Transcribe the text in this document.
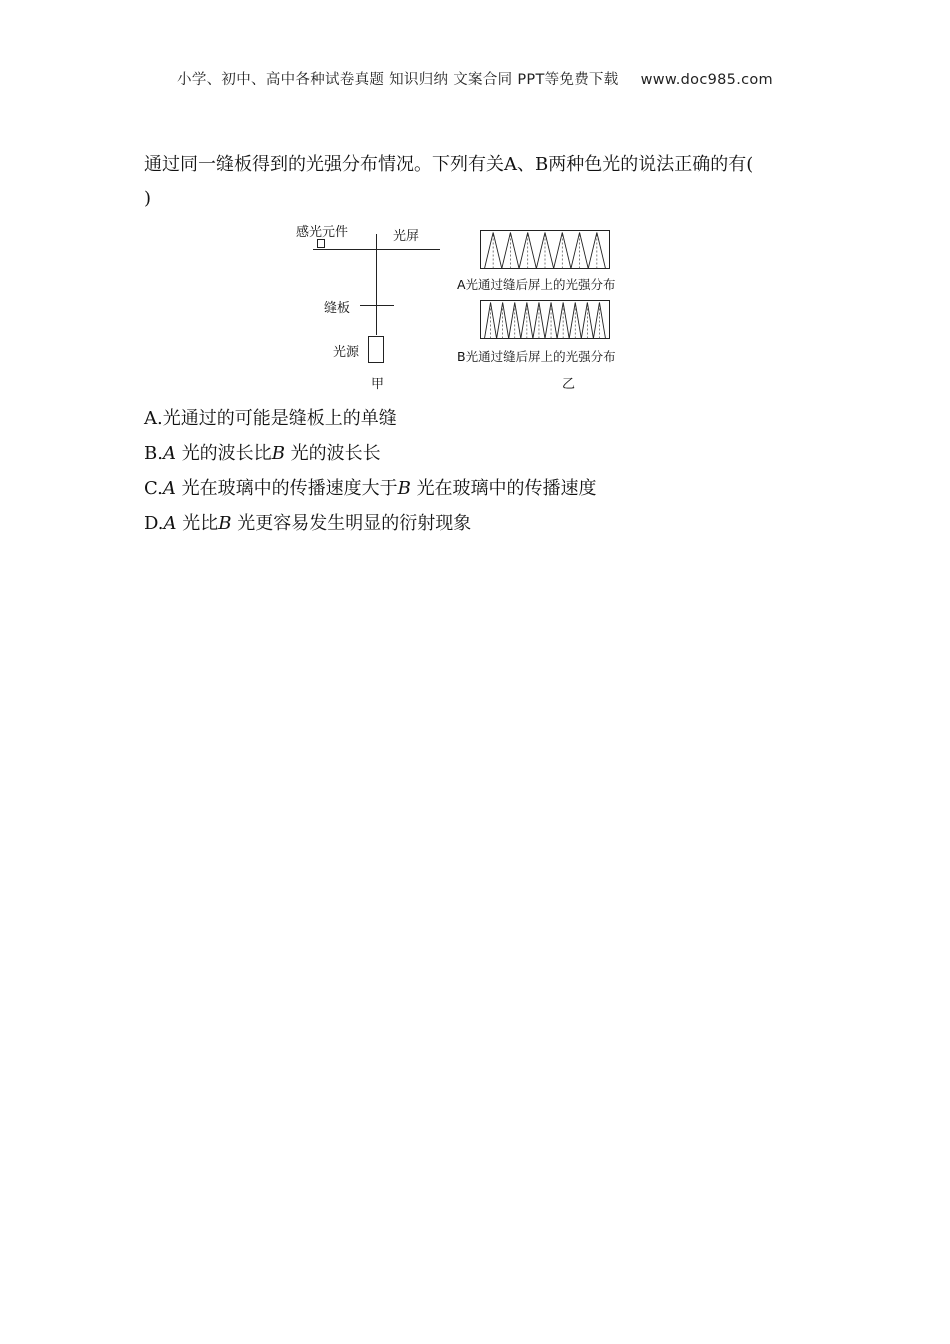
小学、初中、高中各种试卷真题 知识归纳 文案合同 PPT等免费下载 www.doc985.com
通过同一缝板得到的光强分布情况。下列有关A、B两种色光的说法正确的有(
)
感光元件	光屏
缝板
光源
甲
A光通过缝后屏上的光强分布
B光通过缝后屏上的光强分布
乙
A.光通过的可能是缝板上的单缝
B.A 光的波长比B 光的波长长
C.A 光在玻璃中的传播速度大于B 光在玻璃中的传播速度
D.A 光比B 光更容易发生明显的衍射现象
